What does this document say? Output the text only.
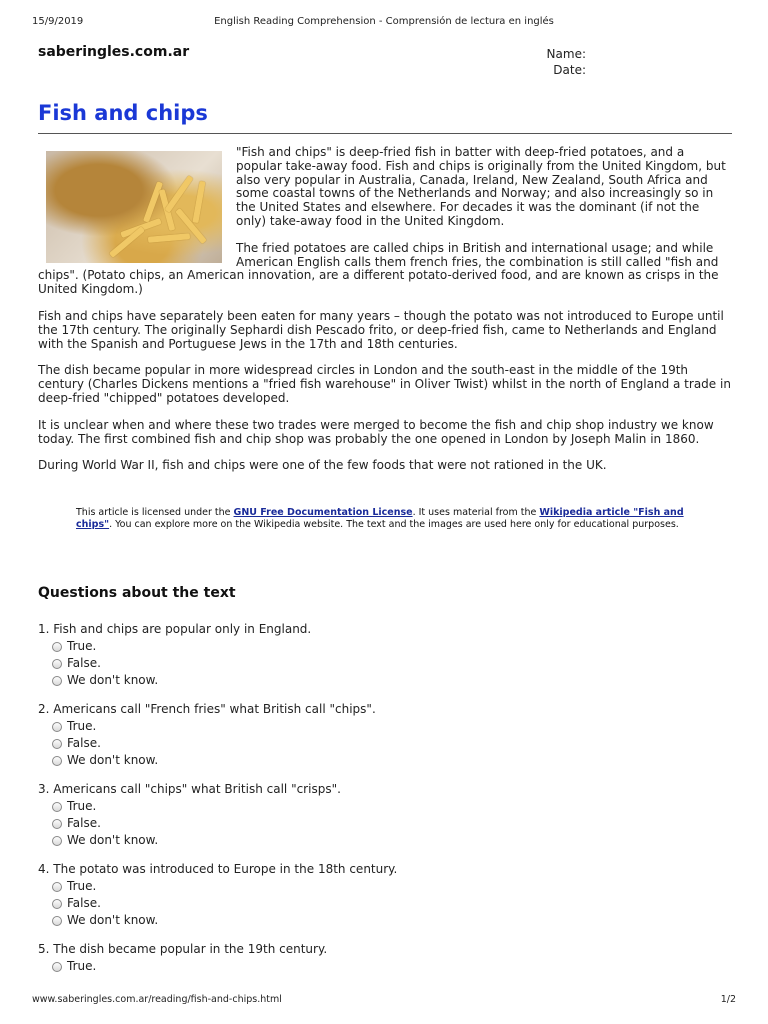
15/9/2019	English Reading Comprehension - Comprensión de lectura en inglés
saberingles.com.ar	Name:
Date:
Fish and chips

"Fish and chips" is deep-fried fish in batter with deep-fried potatoes, and a popular take-away food. Fish and chips is originally from the United Kingdom, but also very popular in Australia, Canada, Ireland, New Zealand, South Africa and some coastal towns of the Netherlands and Norway; and also increasingly so in the United States and elsewhere. For decades it was the dominant (if not the only) take-away food in the United Kingdom.

The fried potatoes are called chips in British and international usage; and while American English calls them french fries, the combination is still called "fish and chips". (Potato chips, an American innovation, are a different potato-derived food, and are known as crisps in the United Kingdom.)

Fish and chips have separately been eaten for many years – though the potato was not introduced to Europe until the 17th century. The originally Sephardi dish Pescado frito, or deep-fried fish, came to Netherlands and England with the Spanish and Portuguese Jews in the 17th and 18th centuries.

The dish became popular in more widespread circles in London and the south-east in the middle of the 19th century (Charles Dickens mentions a "fried fish warehouse" in Oliver Twist) whilst in the north of England a trade in deep-fried "chipped" potatoes developed.

It is unclear when and where these two trades were merged to become the fish and chip shop industry we know today. The first combined fish and chip shop was probably the one opened in London by Joseph Malin in 1860.

During World War II, fish and chips were one of the few foods that were not rationed in the UK.

This article is licensed under the GNU Free Documentation License. It uses material from the Wikipedia article "Fish and chips". You can explore more on the Wikipedia website. The text and the images are used here only for educational purposes.
Questions about the text
1. Fish and chips are popular only in England.
True.
False.
We don't know.
2. Americans call "French fries" what British call "chips".
True.
False.
We don't know.
3. Americans call "chips" what British call "crisps".
True.
False.
We don't know.
4. The potato was introduced to Europe in the 18th century.
True.
False.
We don't know.
5. The dish became popular in the 19th century.
True.
www.saberingles.com.ar/reading/fish-and-chips.html	1/2
